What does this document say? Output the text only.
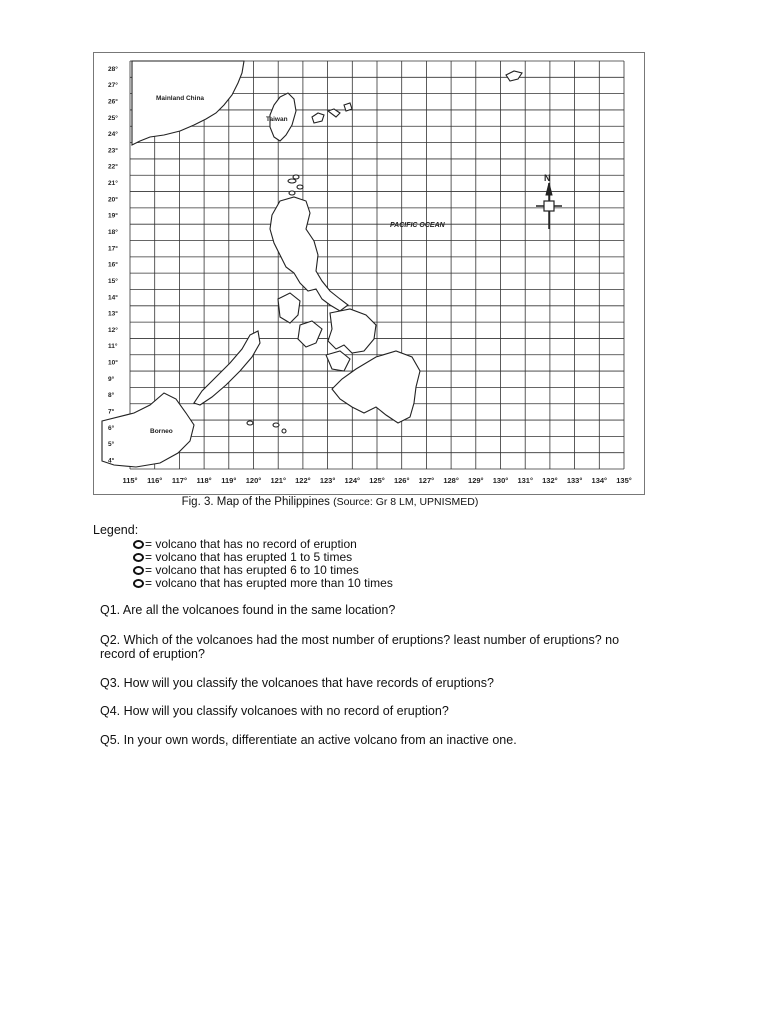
28°
27°
26°
25°
24°
23°
22°
21°
20°
19°
18°
17°
16°
15°
14°
13°
12°
11°
10°
9°
8°
7°
6°
5°
4°
115° 116° 117° 118° 119° 120° 121° 122° 123° 124° 125° 126° 127° 128° 129° 130° 131° 132° 133° 134° 135°
Mainland China
Taiwan
PACIFIC OCEAN
Borneo
N
Fig. 3. Map of the Philippines (Source: Gr 8 LM, UPNISMED)
Legend:
= volcano that has no record of eruption
= volcano that has erupted 1 to 5 times
= volcano that has erupted 6 to 10 times
= volcano that has erupted more than 10 times
Q1. Are all the volcanoes found in the same location?
Q2. Which of the volcanoes had the most number of eruptions? least number of eruptions? no record of eruption?
Q3. How will you classify the volcanoes that have records of eruptions?
Q4. How will you classify volcanoes with no record of eruption?
Q5. In your own words, differentiate an active volcano from an inactive one.
